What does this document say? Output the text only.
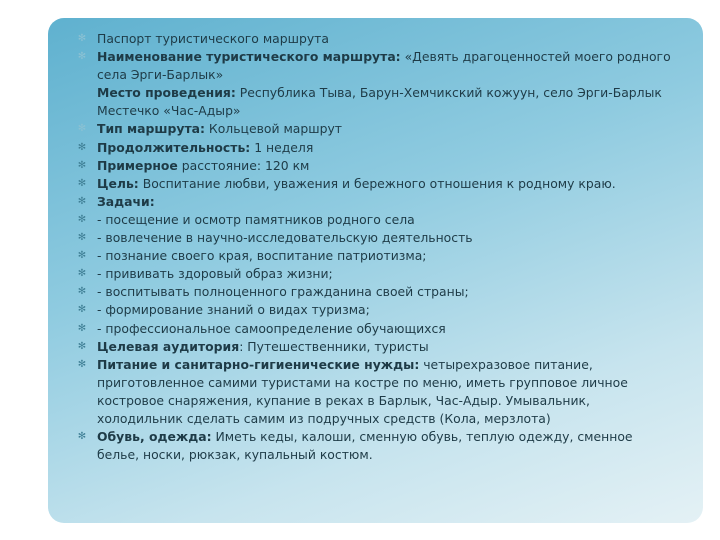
✻ Паспорт туристического маршрута
✻ Наименование туристического маршрута: «Девять драгоценностей моего родного села Эрги-Барлык»
Место проведения: Республика Тыва, Барун-Хемчикский кожуун, село Эрги-Барлык Местечко «Час-Адыр»
✻ Тип маршрута: Кольцевой маршрут
✻ Продолжительность: 1 неделя
✻ Примерное расстояние: 120 км
✻ Цель: Воспитание любви, уважения и бережного отношения к родному краю.
✻ Задачи:
✻ - посещение и осмотр памятников родного села
✻ - вовлечение в научно-исследовательскую деятельность
✻ - познание своего края, воспитание патриотизма;
✻ - прививать здоровый образ жизни;
✻ - воспитывать полноценного гражданина своей страны;
✻ - формирование знаний о видах туризма;
✻ - профессиональное самоопределение обучающихся
✻ Целевая аудитория: Путешественники, туристы
✻ Питание и санитарно-гигиенические нужды: четырехразовое питание, приготовленное самими туристами на костре по меню, иметь групповое личное костровое снаряжения, купание в реках в Барлык, Час-Адыр. Умывальник, холодильник сделать самим из подручных средств (Кола, мерзлота)
✻ Обувь, одежда: Иметь кеды, калоши, сменную обувь, теплую одежду, сменное белье, носки, рюкзак, купальный костюм.
